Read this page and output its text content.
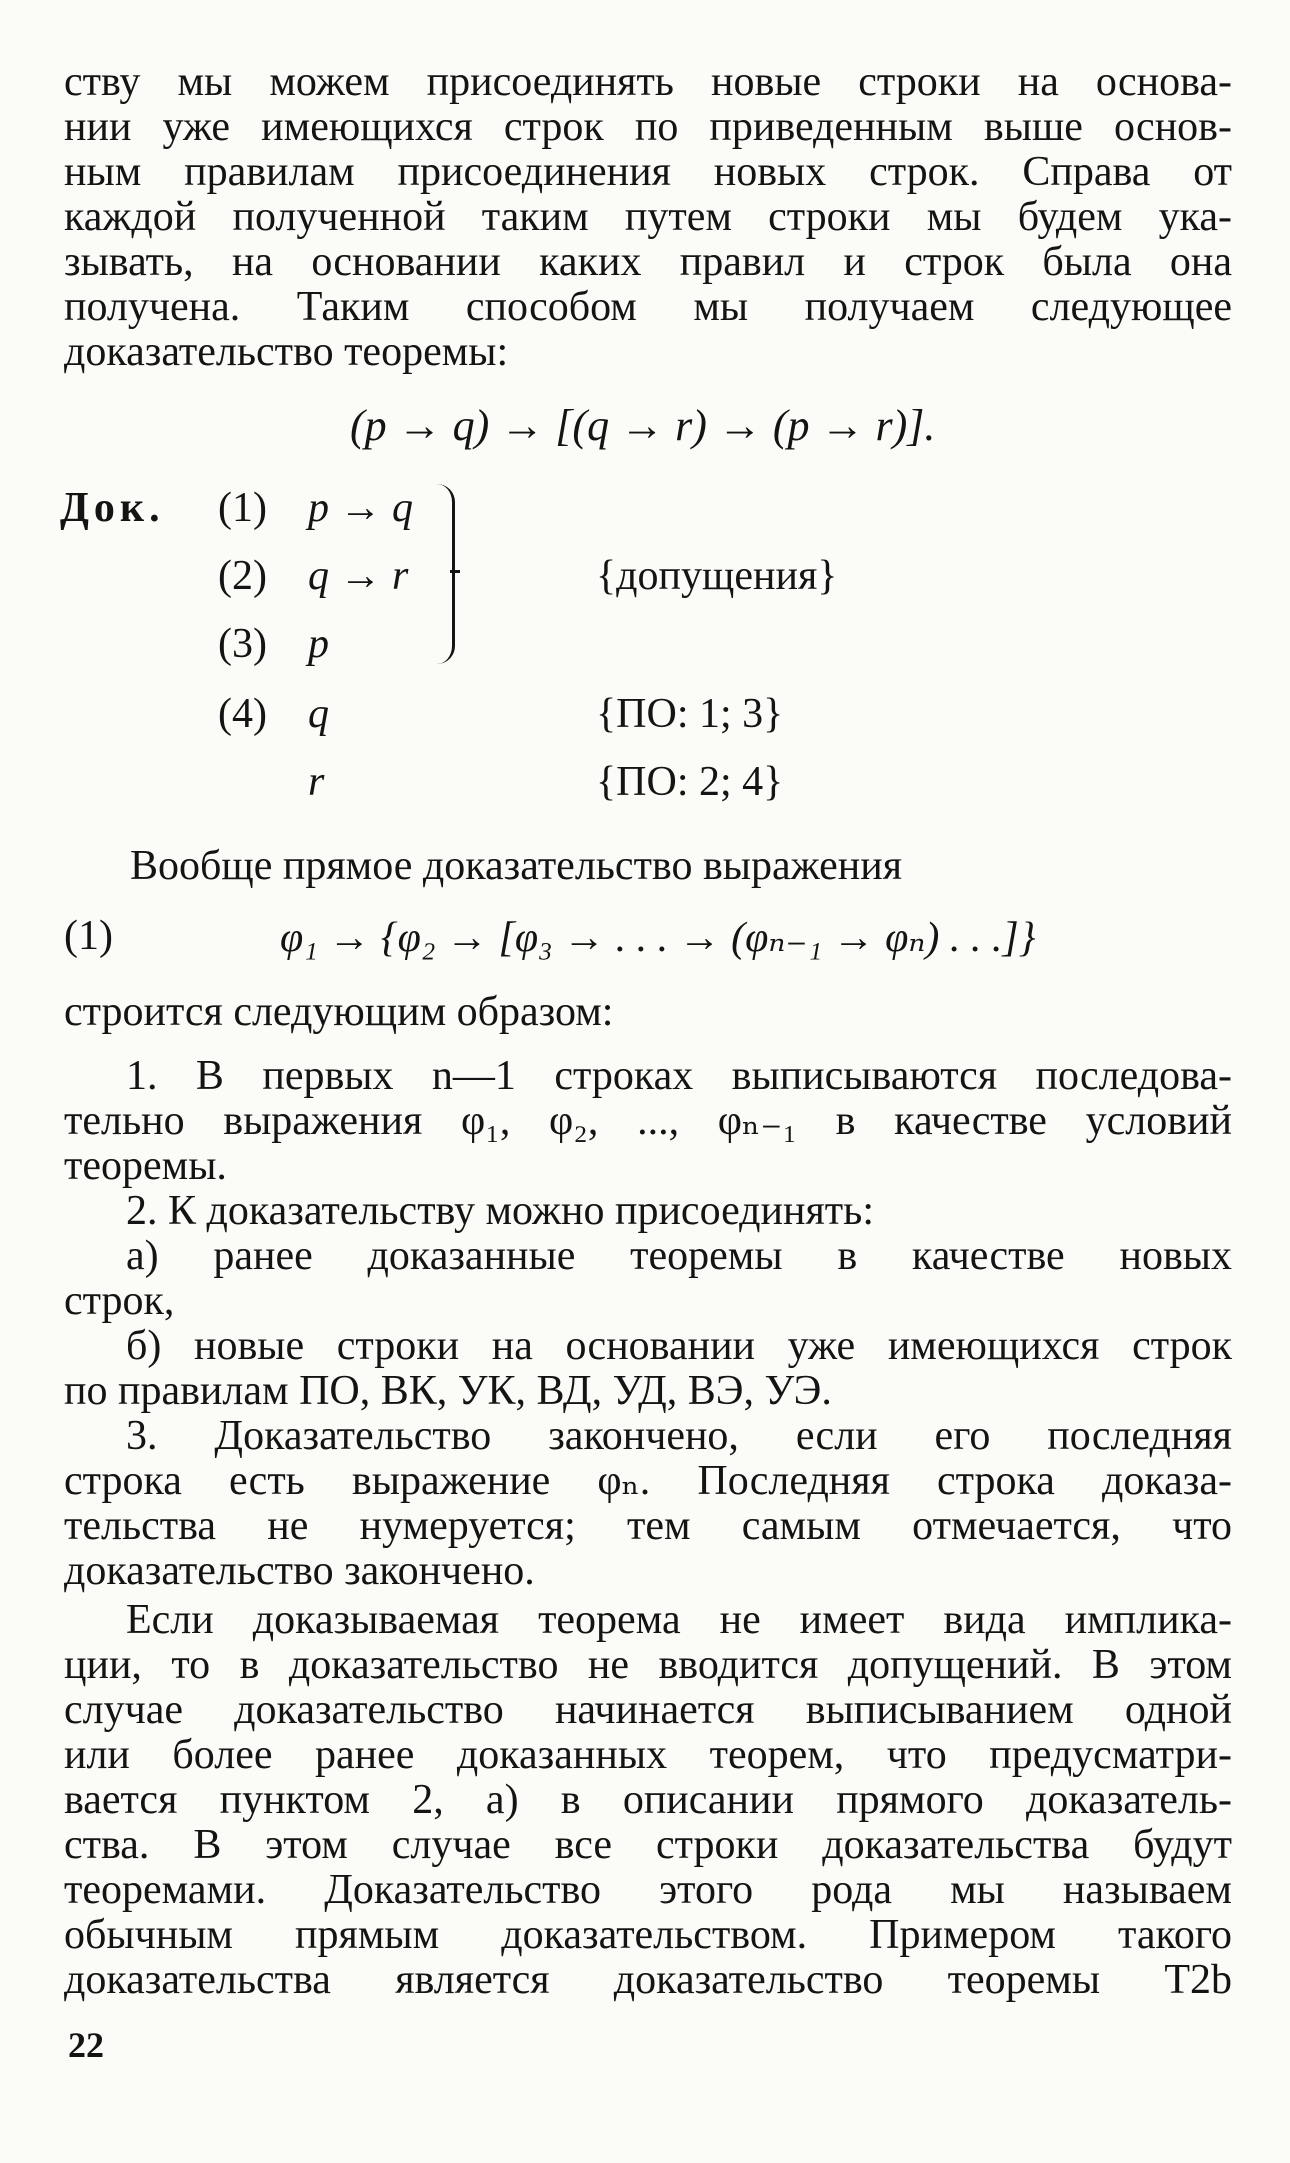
ству мы можем присоединять новые строки на основа-
нии уже имеющихся строк по приведенным выше основ-
ным правилам присоединения новых строк. Справа от
каждой полученной таким путем строки мы будем ука-
зывать, на основании каких правил и строк была она
получена. Таким способом мы получаем следующее
доказательство теоремы:
(p → q) → [(q → r) → (p → r)].
Док. (1) p → q
(2) q → r	{допущения}
(3) p
(4) q	{ПО: 1; 3}
r	{ПО: 2; 4}
Вообще прямое доказательство выражения
(1)	φ₁ → {φ₂ → [φ₃ → . . . → (φₙ₋₁ → φₙ) . . .]}
строится следующим образом:
1. В первых n—1 строках выписываются последова-
тельно выражения φ₁, φ₂, ..., φₙ₋₁ в качестве условий
теоремы.
2. К доказательству можно присоединять:
а) ранее доказанные теоремы в качестве новых
строк,
б) новые строки на основании уже имеющихся строк
по правилам ПО, ВК, УК, ВД, УД, ВЭ, УЭ.
3. Доказательство закончено, если его последняя
строка есть выражение φₙ. Последняя строка доказа-
тельства не нумеруется; тем самым отмечается, что
доказательство закончено.
Если доказываемая теорема не имеет вида имплика-
ции, то в доказательство не вводится допущений. В этом
случае доказательство начинается выписыванием одной
или более ранее доказанных теорем, что предусматри-
вается пунктом 2, а) в описании прямого доказатель-
ства. В этом случае все строки доказательства будут
теоремами. Доказательство этого рода мы называем
обычным прямым доказательством. Примером такого
доказательства является доказательство теоремы T2b
22
